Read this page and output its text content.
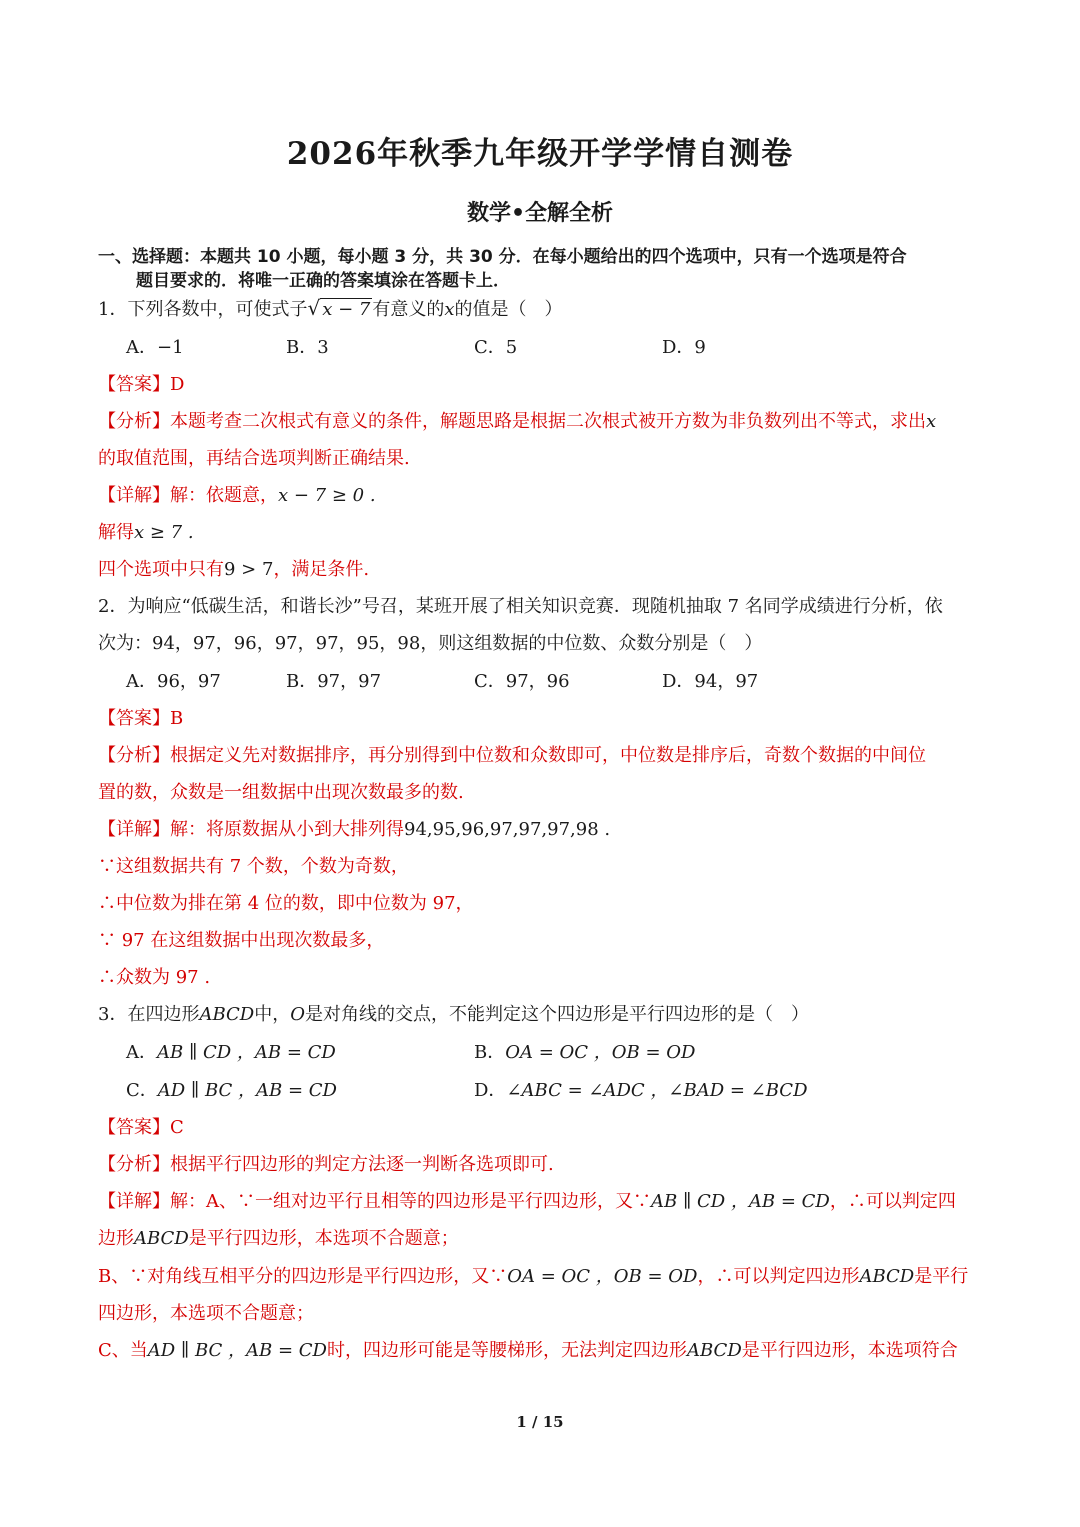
2026年秋季九年级开学学情自测卷
数学•全解全析
一、选择题：本题共 10 小题，每小题 3 分，共 30 分．在每小题给出的四个选项中，只有一个选项是符合
题目要求的．将唯一正确的答案填涂在答题卡上．
1．下列各数中，可使式子√ x − 7 有意义的x的值是（　）
A．−1	B．3	C．5	D．9
【答案】D
【分析】本题考查二次根式有意义的条件，解题思路是根据二次根式被开方数为非负数列出不等式，求出x
的取值范围，再结合选项判断正确结果.
【详解】解：依题意，x − 7 ≥ 0 .
解得x ≥ 7 .
四个选项中只有9 > 7，满足条件.
2．为响应“低碳生活，和谐长沙”号召，某班开展了相关知识竞赛．现随机抽取 7 名同学成绩进行分析，依
次为：94，97，96，97，97，95，98，则这组数据的中位数、众数分别是（　）
A．96，97	B．97，97	C．97，96	D．94，97
【答案】B
【分析】根据定义先对数据排序，再分别得到中位数和众数即可，中位数是排序后，奇数个数据的中间位
置的数，众数是一组数据中出现次数最多的数.
【详解】解：将原数据从小到大排列得94,95,96,97,97,97,98 .
∵这组数据共有 7 个数，个数为奇数，
∴中位数为排在第 4 位的数，即中位数为 97，
∵ 97 在这组数据中出现次数最多，
∴众数为 97 .
3．在四边形ABCD中，O是对角线的交点，不能判定这个四边形是平行四边形的是（　）
A．AB ∥ CD ，AB = CD	B．OA = OC ，OB = OD
C．AD ∥ BC ，AB = CD	D．∠ABC = ∠ADC ，∠BAD = ∠BCD
【答案】C
【分析】根据平行四边形的判定方法逐一判断各选项即可.
【详解】解：A、∵一组对边平行且相等的四边形是平行四边形，又∵AB ∥ CD ，AB = CD，∴可以判定四
边形ABCD是平行四边形，本选项不合题意；
B、∵对角线互相平分的四边形是平行四边形，又∵OA = OC ，OB = OD，∴可以判定四边形ABCD是平行
四边形，本选项不合题意；
C、当AD ∥ BC ，AB = CD时，四边形可能是等腰梯形，无法判定四边形ABCD是平行四边形，本选项符合
1 / 15
